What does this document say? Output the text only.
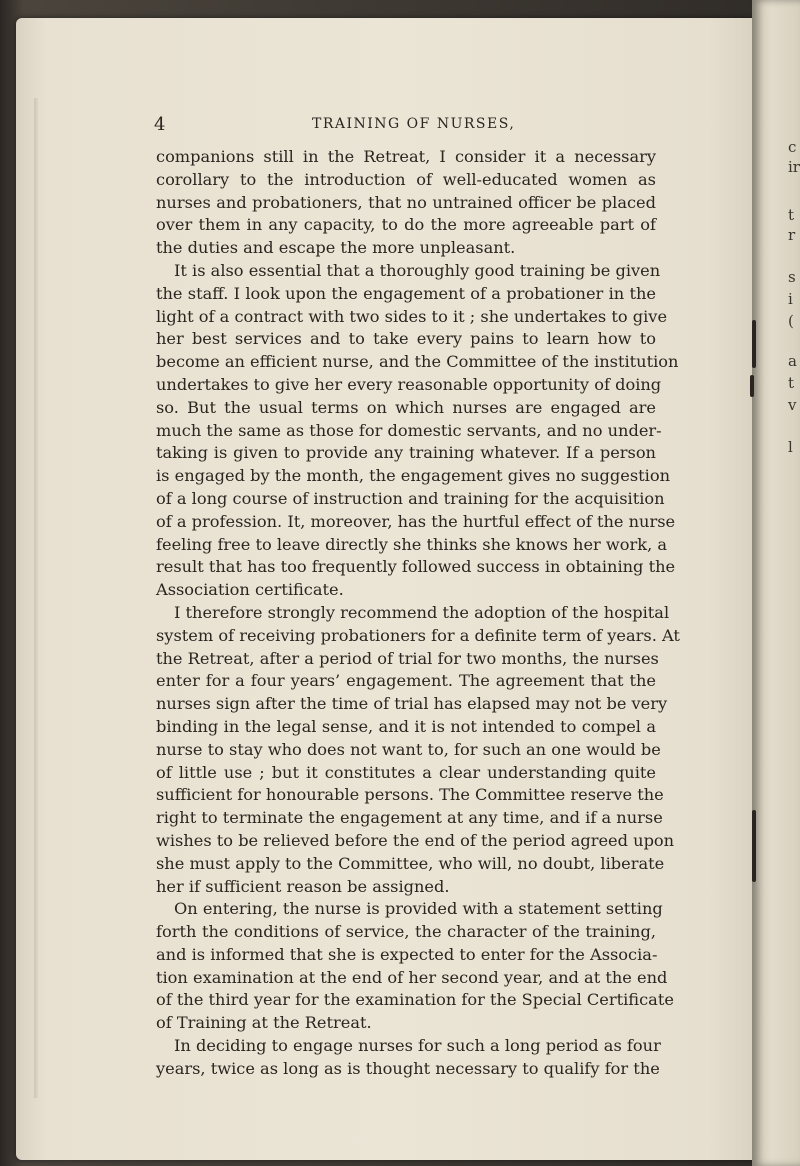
c
ir
t
r
s
i
(
a
t
v
l
4	TRAINING OF NURSES,
companions still in the Retreat, I consider it a necessary
corollary to the introduction of well-educated women as
nurses and probationers, that no untrained officer be placed
over them in any capacity, to do the more agreeable part of
the duties and escape the more unpleasant.
It is also essential that a thoroughly good training be given
the staff. I look upon the engagement of a probationer in the
light of a contract with two sides to it ; she undertakes to give
her best services and to take every pains to learn how to
become an efficient nurse, and the Committee of the institution
undertakes to give her every reasonable opportunity of doing
so. But the usual terms on which nurses are engaged are
much the same as those for domestic servants, and no under-
taking is given to provide any training whatever. If a person
is engaged by the month, the engagement gives no suggestion
of a long course of instruction and training for the acquisition
of a profession. It, moreover, has the hurtful effect of the nurse
feeling free to leave directly she thinks she knows her work, a
result that has too frequently followed success in obtaining the
Association certificate.
I therefore strongly recommend the adoption of the hospital
system of receiving probationers for a definite term of years. At
the Retreat, after a period of trial for two months, the nurses
enter for a four years’ engagement. The agreement that the
nurses sign after the time of trial has elapsed may not be very
binding in the legal sense, and it is not intended to compel a
nurse to stay who does not want to, for such an one would be
of little use ; but it constitutes a clear understanding quite
sufficient for honourable persons. The Committee reserve the
right to terminate the engagement at any time, and if a nurse
wishes to be relieved before the end of the period agreed upon
she must apply to the Committee, who will, no doubt, liberate
her if sufficient reason be assigned.
On entering, the nurse is provided with a statement setting
forth the conditions of service, the character of the training,
and is informed that she is expected to enter for the Associa-
tion examination at the end of her second year, and at the end
of the third year for the examination for the Special Certificate
of Training at the Retreat.
In deciding to engage nurses for such a long period as four
years, twice as long as is thought necessary to qualify for the
